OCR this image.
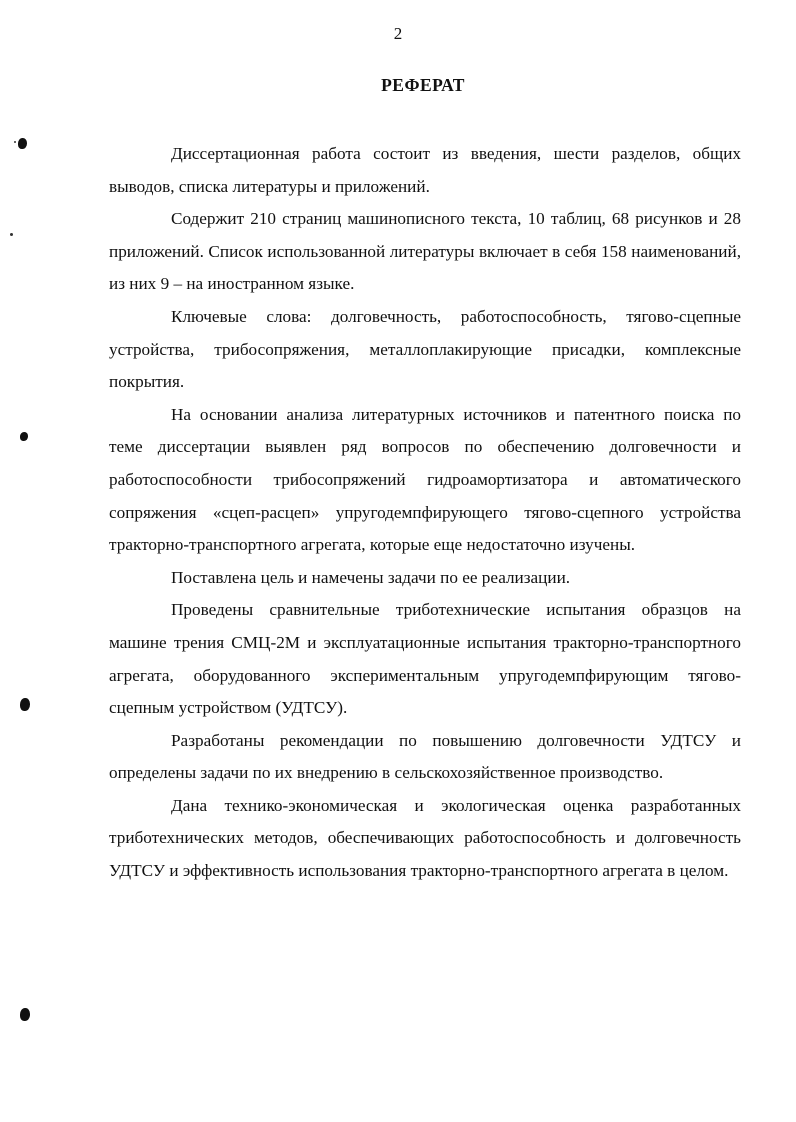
2
РЕФЕРАТ

Диссертационная работа состоит из введения, шести разделов, общих выводов, списка литературы и приложений.

Содержит 210 страниц машинописного текста, 10 таблиц, 68 рисунков и 28 приложений. Список использованной литературы включает в себя 158 наименований, из них 9 – на иностранном языке.

Ключевые слова: долговечность, работоспособность, тягово-сцепные устройства, трибосопряжения, металлоплакирующие присадки, комплексные покрытия.

На основании анализа литературных источников и патентного поиска по теме диссертации выявлен ряд вопросов по обеспечению долговечности и работоспособности трибосопряжений гидроамортизатора и автоматического сопряжения «сцеп-расцеп» упругодемпфирующего тягово-сцепного устройства тракторно-транспортного агрегата, которые еще недостаточно изучены.

Поставлена цель и намечены задачи по ее реализации.

Проведены сравнительные триботехнические испытания образцов на машине трения СМЦ-2М и эксплуатационные испытания тракторно-транспортного агрегата, оборудованного экспериментальным упругодемпфирующим тягово-сцепным устройством (УДТСУ).

Разработаны рекомендации по повышению долговечности УДТСУ и определены задачи по их внедрению в сельскохозяйственное производство.

Дана технико-экономическая и экологическая оценка разработанных триботехнических методов, обеспечивающих работоспособность и долговечность УДТСУ и эффективность использования тракторно-транспортного агрегата в целом.
